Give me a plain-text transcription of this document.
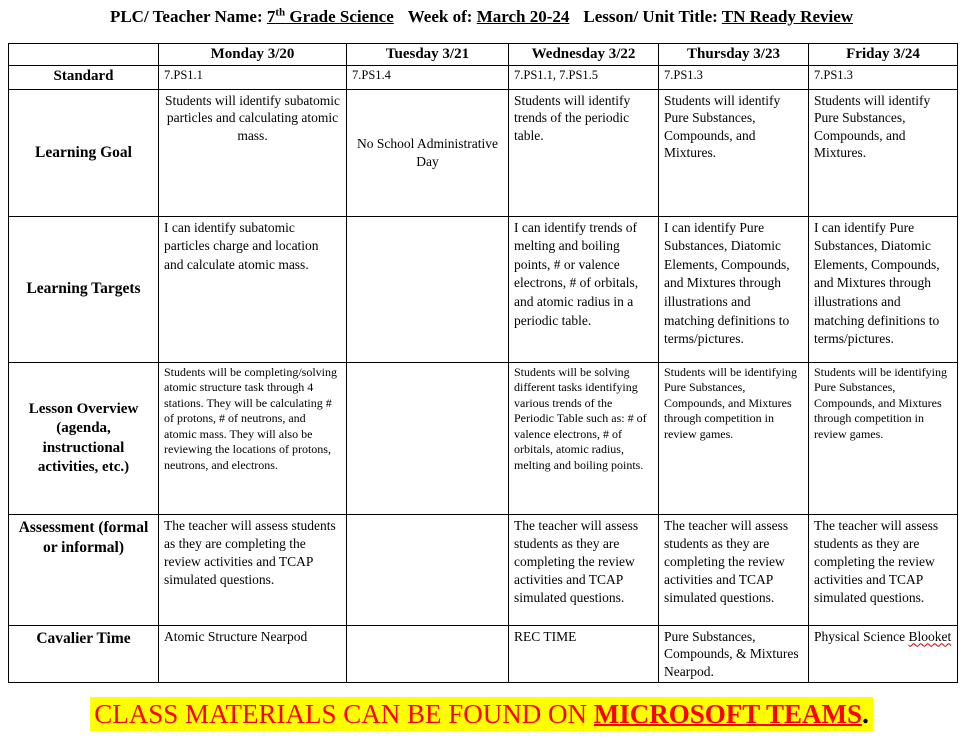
PLC/ Teacher Name: 7th Grade Science Week of: March 20-24 Lesson/ Unit Title: TN Ready Review
	Monday 3/20	Tuesday 3/21	Wednesday 3/22	Thursday 3/23	Friday 3/24
Standard	7.PS1.1	7.PS1.4	7.PS1.1, 7.PS1.5	7.PS1.3	7.PS1.3
Learning Goal	Students will identify subatomic particles and calculating atomic mass.	No School Administrative Day	Students will identify trends of the periodic table.	Students will identify Pure Substances, Compounds, and Mixtures.	Students will identify Pure Substances, Compounds, and Mixtures.
Learning Targets	I can identify subatomic particles charge and location and calculate atomic mass.		I can identify trends of melting and boiling points, # or valence electrons, # of orbitals, and atomic radius in a periodic table.	I can identify Pure Substances, Diatomic Elements, Compounds, and Mixtures through illustrations and matching definitions to terms/pictures.	I can identify Pure Substances, Diatomic Elements, Compounds, and Mixtures through illustrations and matching definitions to terms/pictures.
Lesson Overview (agenda, instructional activities, etc.)	Students will be completing/solving atomic structure task through 4 stations. They will be calculating # of protons, # of neutrons, and atomic mass. They will also be reviewing the locations of protons, neutrons, and electrons.		Students will be solving different tasks identifying various trends of the Periodic Table such as: # of valence electrons, # of orbitals, atomic radius, melting and boiling points.	Students will be identifying Pure Substances, Compounds, and Mixtures through competition in review games.	Students will be identifying Pure Substances, Compounds, and Mixtures through competition in review games.
Assessment (formal or informal)	The teacher will assess students as they are completing the review activities and TCAP simulated questions.		The teacher will assess students as they are completing the review activities and TCAP simulated questions.	The teacher will assess students as they are completing the review activities and TCAP simulated questions.	The teacher will assess students as they are completing the review activities and TCAP simulated questions.
Cavalier Time	Atomic Structure Nearpod		REC TIME	Pure Substances, Compounds, & Mixtures Nearpod.	Physical Science Blooket
CLASS MATERIALS CAN BE FOUND ON MICROSOFT TEAMS.
